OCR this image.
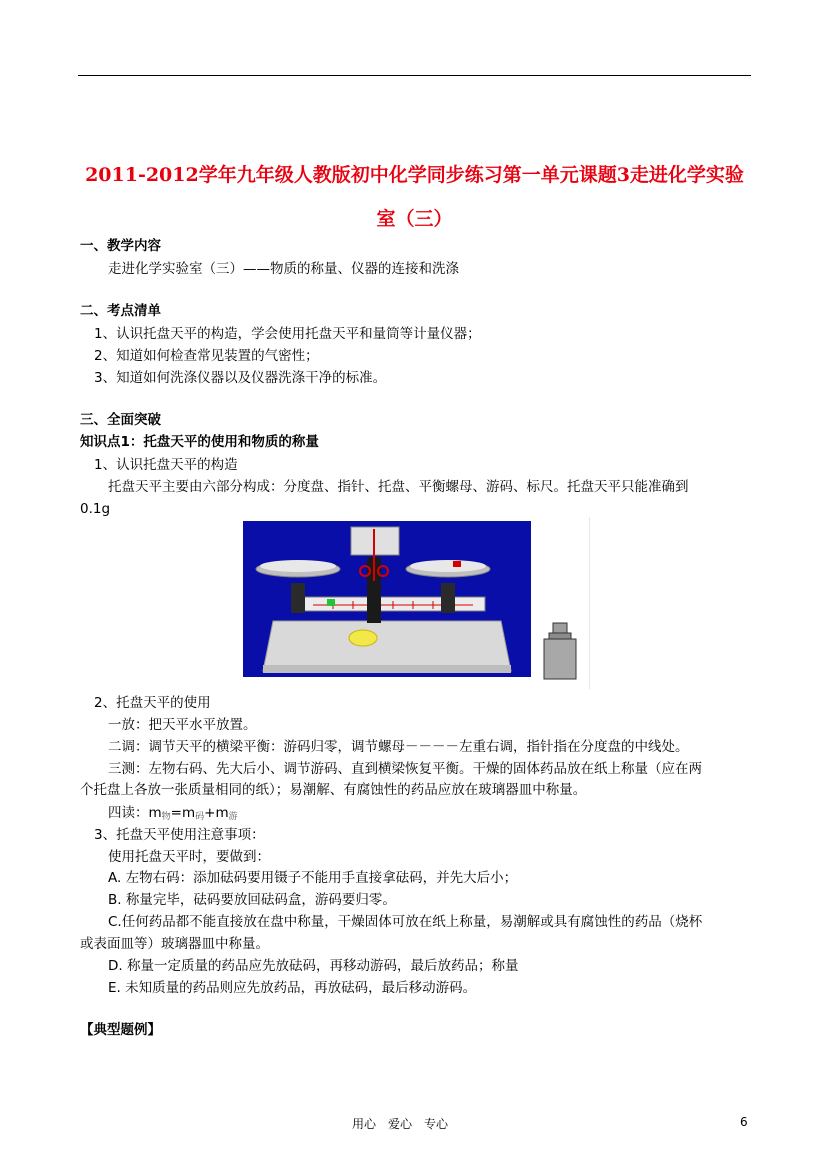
2011-2012学年九年级人教版初中化学同步练习第一单元课题3走进化学实验
室（三）
一、教学内容
走进化学实验室（三）——物质的称量、仪器的连接和洗涤
二、考点清单
1、认识托盘天平的构造，学会使用托盘天平和量筒等计量仪器；
2、知道如何检查常见装置的气密性；
3、知道如何洗涤仪器以及仪器洗涤干净的标准。
三、全面突破
知识点1：托盘天平的使用和物质的称量
1、认识托盘天平的构造
托盘天平主要由六部分构成：分度盘、指针、托盘、平衡螺母、游码、标尺。托盘天平只能准确到
0.1g
2、托盘天平的使用
一放：把天平水平放置。
二调：调节天平的横梁平衡：游码归零，调节螺母－－－－左重右调，指针指在分度盘的中线处。
三测：左物右码、先大后小、调节游码、直到横梁恢复平衡。干燥的固体药品放在纸上称量（应在两
个托盘上各放一张质量相同的纸）；易潮解、有腐蚀性的药品应放在玻璃器皿中称量。
四读：$m_物=m_码+m_游$
3、托盘天平使用注意事项：
使用托盘天平时，要做到：
A. 左物右码：添加砝码要用镊子不能用手直接拿砝码，并先大后小；
B. 称量完毕，砝码要放回砝码盒，游码要归零。
C.任何药品都不能直接放在盘中称量，干燥固体可放在纸上称量，易潮解或具有腐蚀性的药品（烧杯
或表面皿等）玻璃器皿中称量。
D. 称量一定质量的药品应先放砝码，再移动游码，最后放药品；称量
E. 未知质量的药品则应先放药品，再放砝码，最后移动游码。
【典型题例】
用心　爱心　专心	6
